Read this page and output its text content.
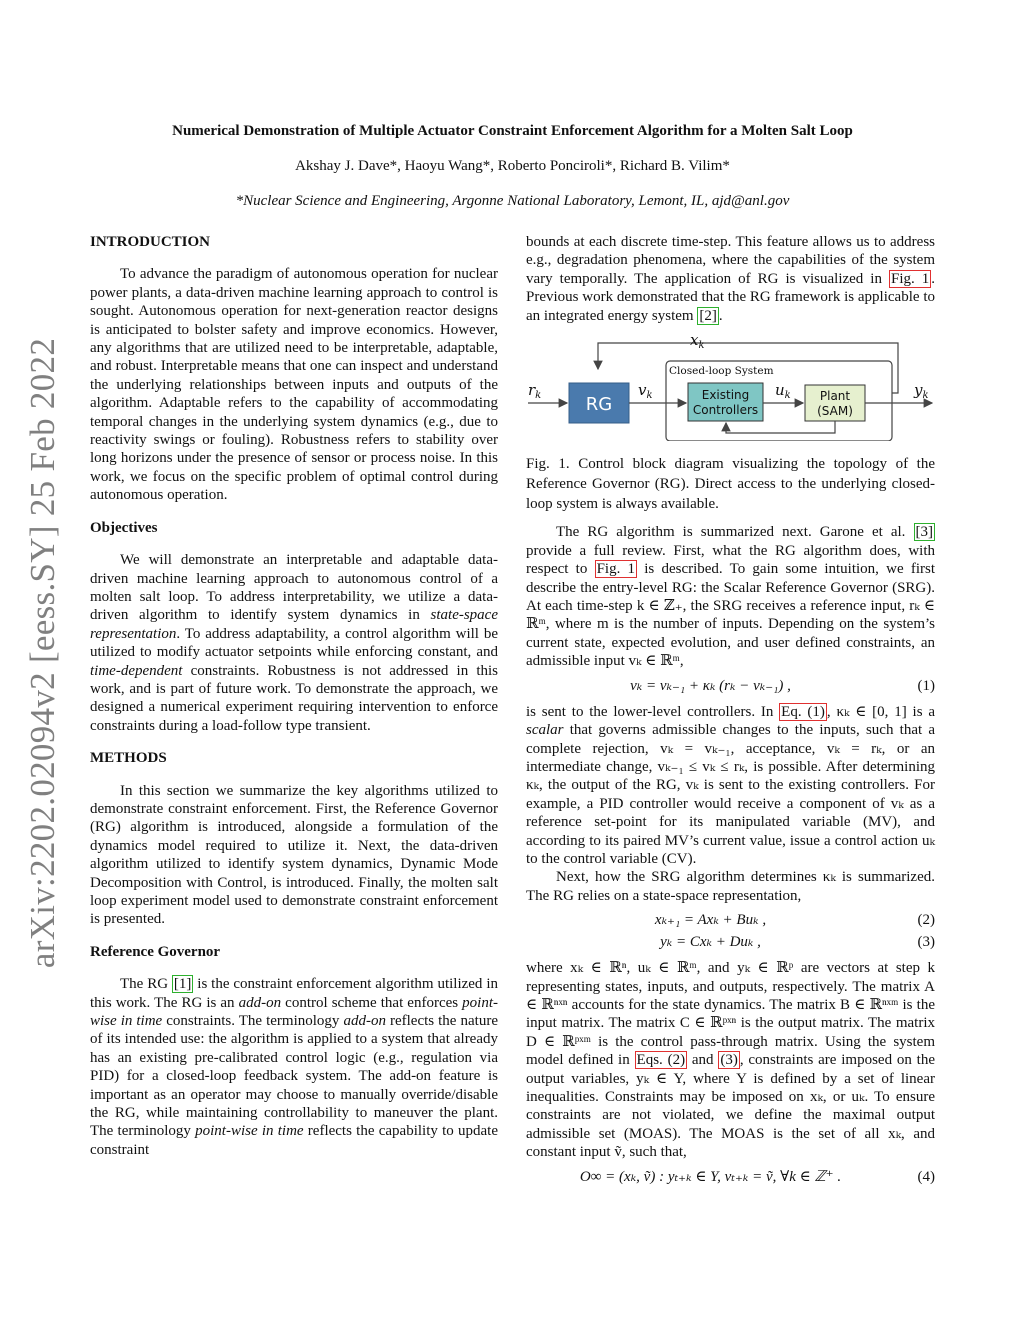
arXiv:2202.02094v2 [eess.SY] 25 Feb 2022
Numerical Demonstration of Multiple Actuator Constraint Enforcement Algorithm for a Molten Salt Loop
Akshay J. Dave*, Haoyu Wang*, Roberto Ponciroli*, Richard B. Vilim*
*Nuclear Science and Engineering, Argonne National Laboratory, Lemont, IL, ajd@anl.gov
INTRODUCTION

To advance the paradigm of autonomous operation for nuclear power plants, a data-driven machine learning approach to control is sought. Autonomous operation for next-generation reactor designs is anticipated to bolster safety and improve economics. However, any algorithms that are utilized need to be interpretable, adaptable, and robust. Interpretable means that one can inspect and understand the underlying relationships between inputs and outputs of the algorithm. Adaptable refers to the capability of accommodating temporal changes in the underlying system dynamics (e.g., due to reactivity swings or fouling). Robustness refers to stability over long horizons under the presence of sensor or process noise. In this work, we focus on the specific problem of optimal control during autonomous operation.

Objectives

We will demonstrate an interpretable and adaptable data-driven machine learning approach to autonomous control of a molten salt loop. To address interpretability, we utilize a data-driven algorithm to identify system dynamics in state-space representation. To address adaptability, a control algorithm will be utilized to modify actuator setpoints while enforcing constant, and time-dependent constraints. Robustness is not addressed in this work, and is part of future work. To demonstrate the approach, we designed a numerical experiment requiring intervention to enforce constraints during a load-follow type transient.

METHODS

In this section we summarize the key algorithms utilized to demonstrate constraint enforcement. First, the Reference Governor (RG) algorithm is introduced, alongside a formulation of the dynamics model required to utilize it. Next, the data-driven algorithm utilized to identify system dynamics, Dynamic Mode Decomposition with Control, is introduced. Finally, the molten salt loop experiment model used to demonstrate constraint enforcement is presented.

Reference Governor

The RG [1] is the constraint enforcement algorithm utilized in this work. The RG is an add-on control scheme that enforces point-wise in time constraints. The terminology add-on reflects the nature of its intended use: the algorithm is applied to a system that already has an existing pre-calibrated control logic (e.g., regulation via PID) for a closed-loop feedback system. The add-on feature is important as an operator may choose to manually override/disable the RG, while maintaining controllability to maneuver the plant. The terminology point-wise in time reflects the capability to update constraint

bounds at each discrete time-step. This feature allows us to address e.g., degradation phenomena, where the capabilities of the system vary temporally. The application of RG is visualized in Fig. 1 . Previous work demonstrated that the RG framework is applicable to an integrated energy system [2] .

$x_k$
$r_k$ RG
$v_k$
Closed-loop System
Existing
Controllers
$u_k$ Plant
(SAM)
$y_k$

Fig. 1. Control block diagram visualizing the topology of the Reference Governor (RG). Direct access to the underlying closed-loop system is always available.

The RG algorithm is summarized next. Garone et al. [3] provide a full review. First, what the RG algorithm does, with respect to Fig. 1 is described. To gain some intuition, we first describe the entry-level RG: the Scalar Reference Governor (SRG). At each time-step k ∈ ℤ₊, the SRG receives a reference input, rₖ ∈ ℝᵐ, where m is the number of inputs. Depending on the system’s current state, expected evolution, and user defined constraints, an admissible input vₖ ∈ ℝᵐ,

vₖ = vₖ₋₁ + κₖ (rₖ − vₖ₋₁) ,	(1)

is sent to the lower-level controllers. In Eq. (1) , κₖ ∈ [0, 1] is a scalar that governs admissible changes to the inputs, such that a complete rejection, vₖ = vₖ₋₁, acceptance, vₖ = rₖ, or an intermediate change, vₖ₋₁ ≤ vₖ ≤ rₖ, is possible. After determining κₖ, the output of the RG, vₖ is sent to the existing controllers. For example, a PID controller would receive a component of vₖ as a reference set-point for its manipulated variable (MV), and according to its paired MV’s current value, issue a control action uₖ to the control variable (CV).

Next, how the SRG algorithm determines κₖ is summarized. The RG relies on a state-space representation,

xₖ₊₁ = Axₖ + Buₖ ,	(2)
yₖ = Cxₖ + Duₖ ,	(3)

where xₖ ∈ ℝⁿ, uₖ ∈ ℝᵐ, and yₖ ∈ ℝᵖ are vectors at step k representing states, inputs, and outputs, respectively. The matrix A ∈ ℝⁿˣⁿ accounts for the state dynamics. The matrix B ∈ ℝⁿˣᵐ is the input matrix. The matrix C ∈ ℝᵖˣⁿ is the output matrix. The matrix D ∈ ℝᵖˣᵐ is the control pass-through matrix. Using the system model defined in Eqs. (2) and (3) , constraints are imposed on the output variables, yₖ ∈ Y, where Y is defined by a set of linear inequalities. Constraints may be imposed on xₖ, or uₖ. To ensure constraints are not violated, we define the maximal output admissible set (MOAS). The MOAS is the set of all xₖ, and constant input ṽ, such that,

O∞ = (xₖ, ṽ) : yₜ₊ₖ ∈ Y, vₜ₊ₖ = ṽ, ∀k ∈ ℤ⁺ .	(4)
